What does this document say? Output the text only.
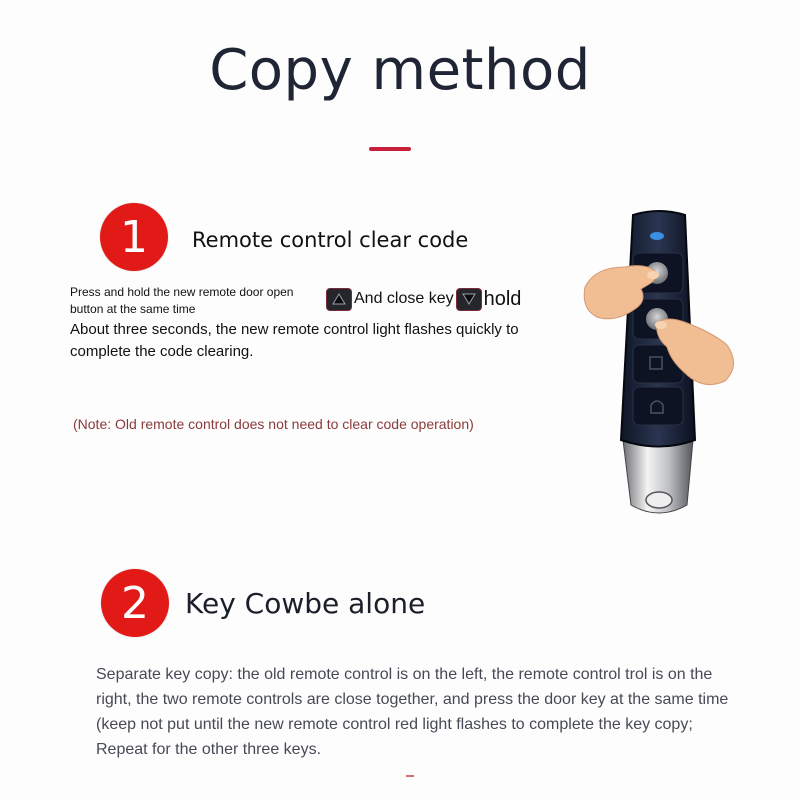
Copy method
1	Remote control clear code
Press and hold the new remote door open button at the same time
And close key hold
About three seconds, the new remote control light flashes quickly to complete the code clearing.
(Note: Old remote control does not need to clear code operation)
2	Key Cowbe alone
Separate key copy: the old remote control is on the left, the remote control trol is on the right, the two remote controls are close together, and press the door key at the same time (keep not put until the new remote control red light flashes to complete the key copy; Repeat for the other three keys.
